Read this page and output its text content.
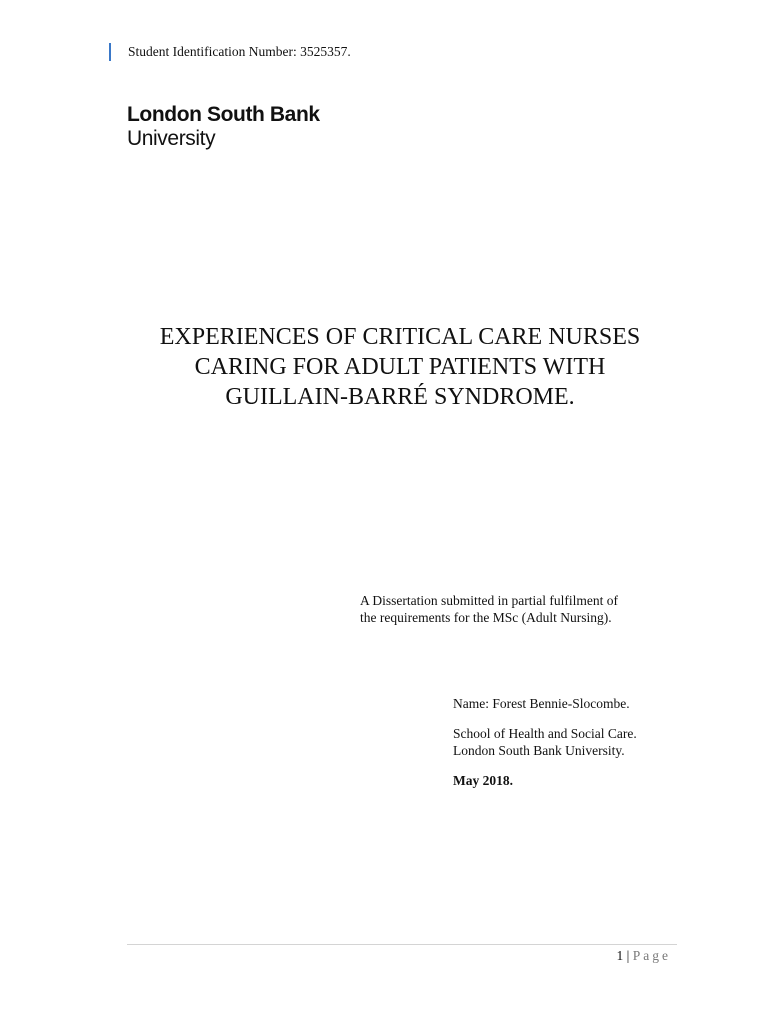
Student Identification Number: 3525357.
London South Bank
University
EXPERIENCES OF CRITICAL CARE NURSES
CARING FOR ADULT PATIENTS WITH
GUILLAIN-BARRÉ SYNDROME.
A Dissertation submitted in partial fulfilment of
the requirements for the MSc (Adult Nursing).
Name: Forest Bennie-Slocombe.
School of Health and Social Care.
London South Bank University.
May 2018.
1 | Page
